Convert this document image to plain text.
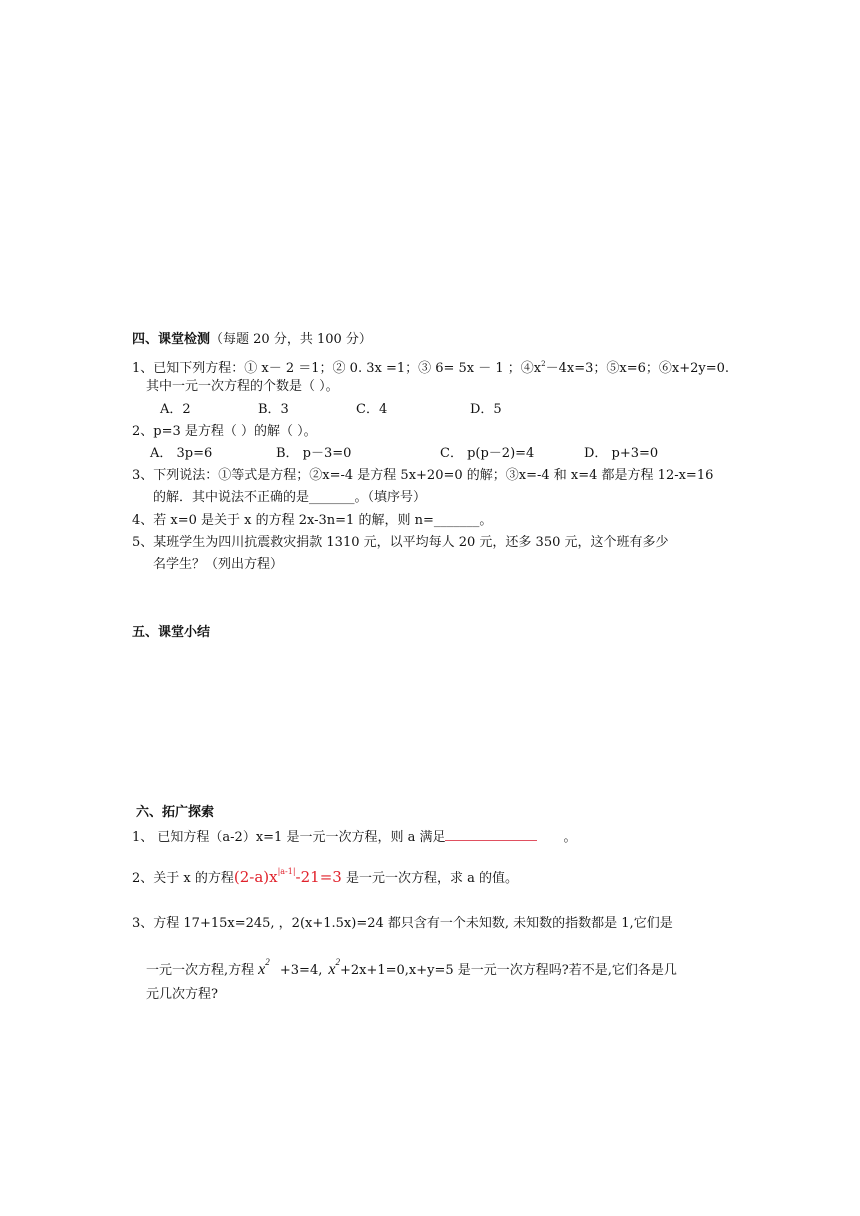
四、课堂检测（每题 20 分，共 100 分）
1、已知下列方程：① x－ 2 ＝1；② 0. 3x =1；③ 6= 5x － 1 ；$④x^2-4x=3$；⑤x=6；⑥x+2y=0.
其中一元一次方程的个数是（ ）。
A．2	B．3	C．4	D．5
2、p=3 是方程（ ）的解（ ）。
A． 3p=6	B． p－3=0	C． p(p－2)=4	D． p+3=0
3、下列说法：①等式是方程；②x=-4 是方程 5x+20=0 的解；③x=-4 和 x=4 都是方程 12-x=16
的解．其中说法不正确的是_______。（填序号）
4、若 x=0 是关于 x 的方程 2x-3n=1 的解，则 n=_______。
5、某班学生为四川抗震救灾捐款 1310 元，以平均每人 20 元，还多 350 元，这个班有多少
名学生？（列出方程）
五、课堂小结
六、拓广探索
1、 已知方程（a-2）x=1 是一元一次方程，则 a 满足	。
2、关于 x 的方程$(2-a)x^{|a-1|}-21=3$ 是一元一次方程，求 a 的值。
3、方程 17+15x=245, ，2(x+1.5x)=24 都只含有一个未知数, 未知数的指数都是 1,它们是
一元一次方程,方程 $x^2 +3=4$, $x^2+2x+1=0,x+y=5$ 是一元一次方程吗?若不是,它们各是几
元几次方程?
